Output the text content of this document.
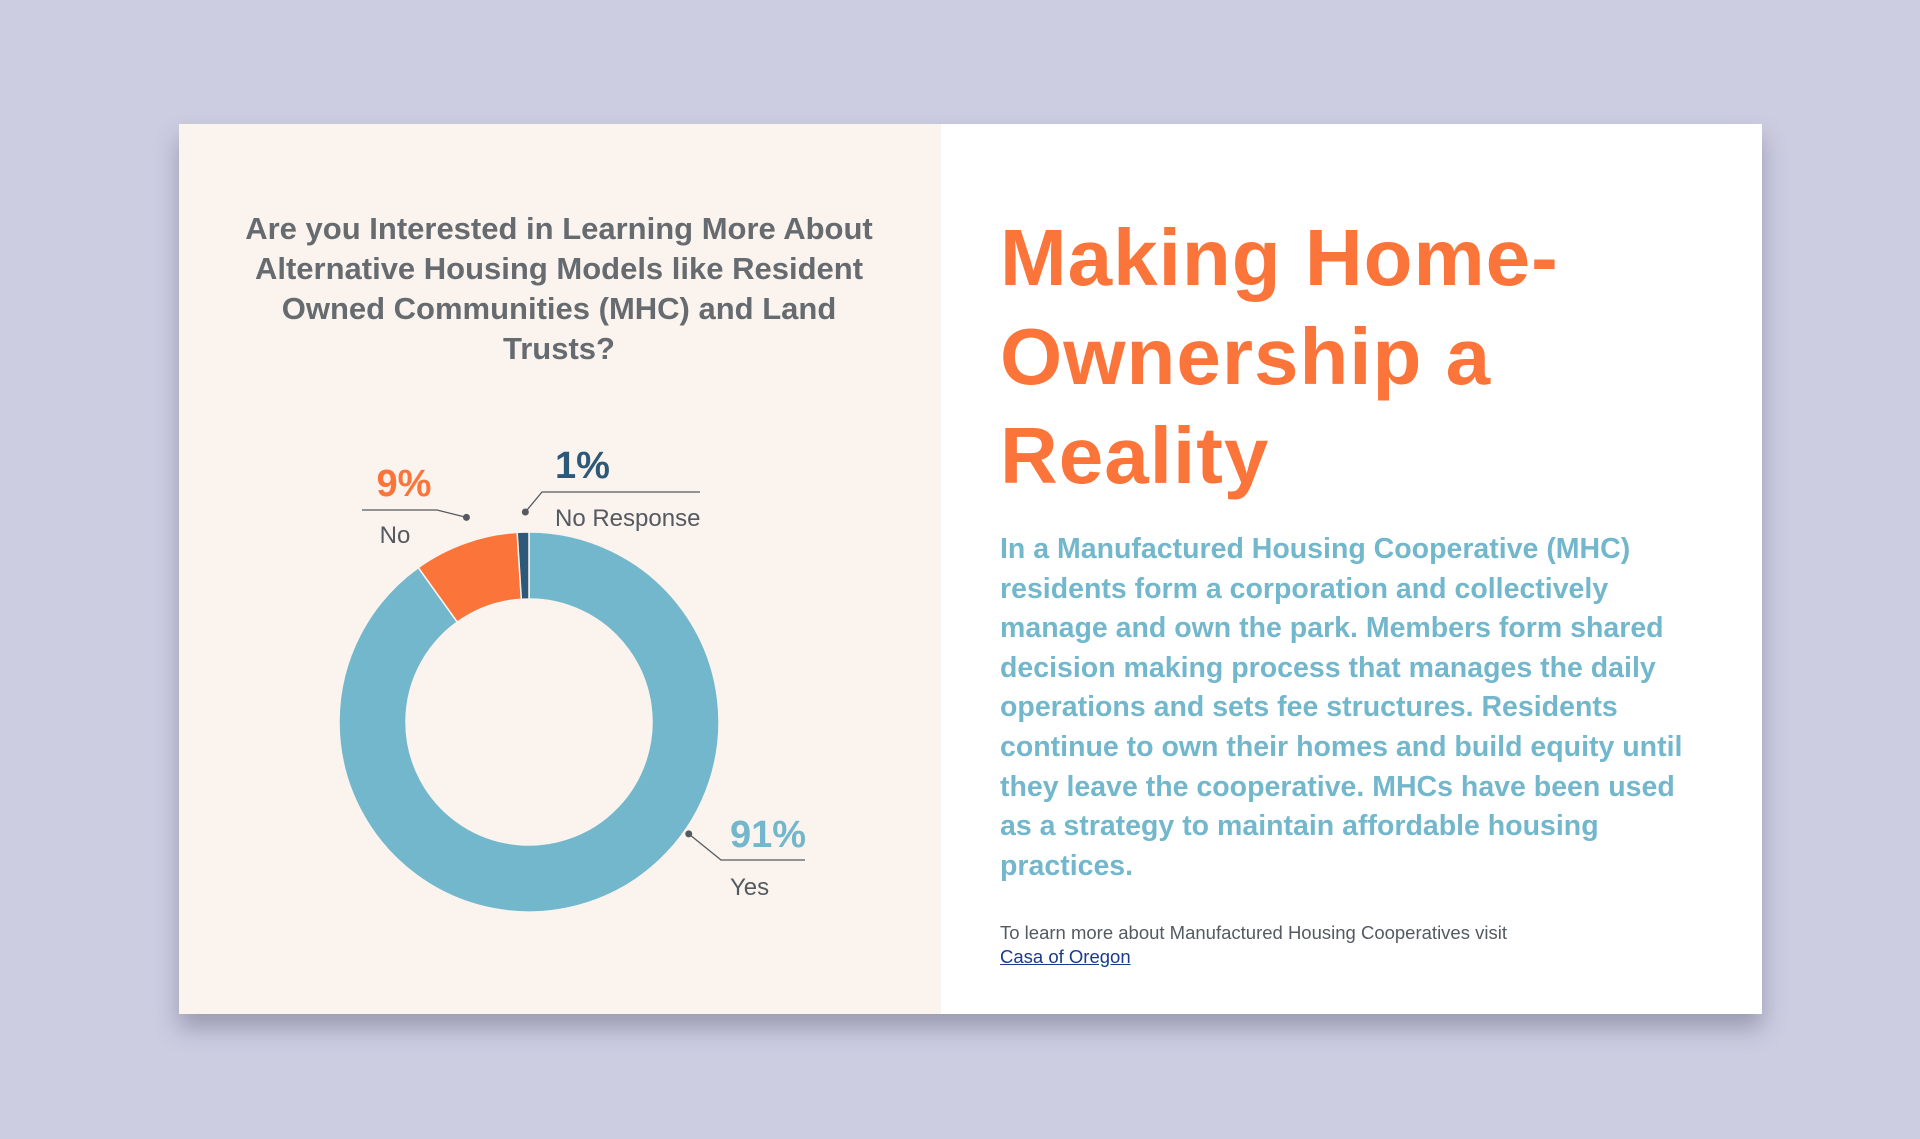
Are you Interested in Learning More About Alternative Housing Models like Resident Owned Communities (MHC) and Land Trusts?
91%
Yes
9%
No
1%
No Response
Making Home-Ownership a Reality

In a Manufactured Housing Cooperative (MHC) residents form a corporation and collectively manage and own the park. Members form shared decision making process that manages the daily operations and sets fee structures. Residents continue to own their homes and build equity until they leave the cooperative. MHCs have been used as a strategy to maintain affordable housing practices.

To learn more about Manufactured Housing Cooperatives visit
Casa of Oregon
